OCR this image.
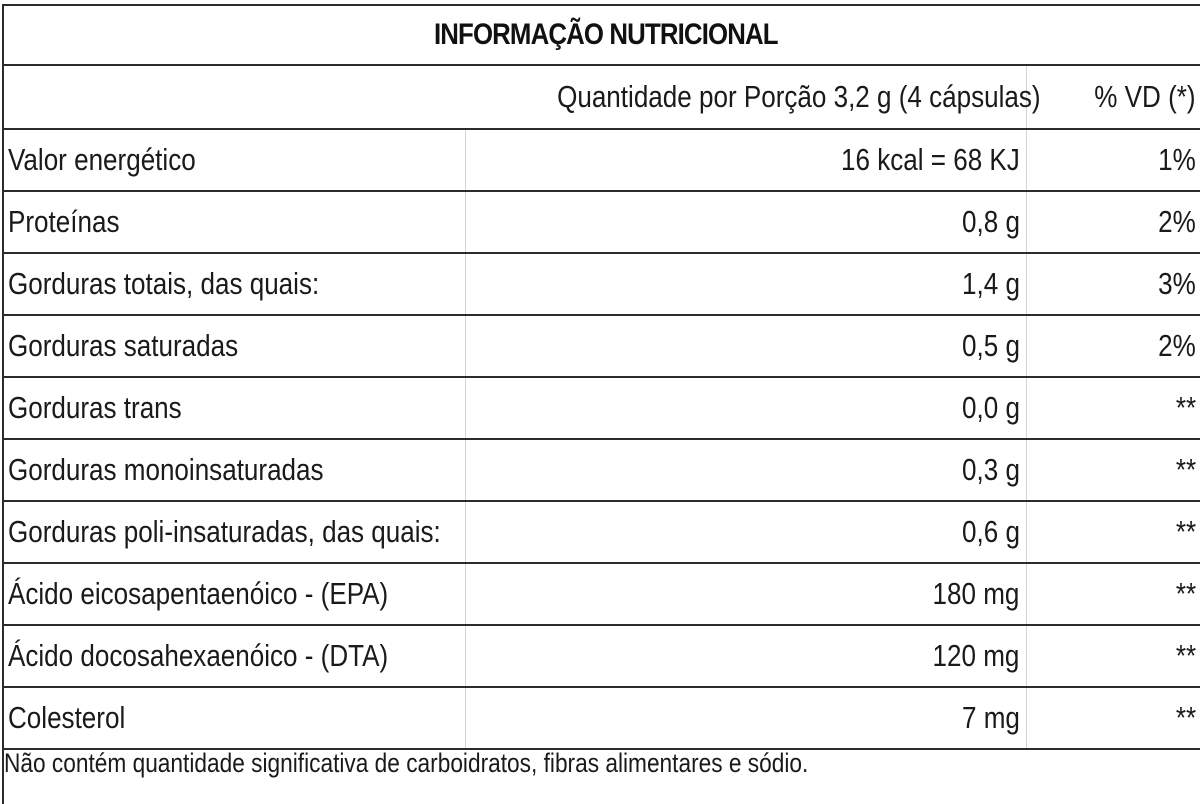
INFORMAÇÃO NUTRICIONAL
	Quantidade por Porção 3,2 g (4 cápsulas)	% VD (*)
Valor energético	16 kcal = 68 KJ	1%
Proteínas	0,8 g	2%
Gorduras totais, das quais:	1,4 g	3%
Gorduras saturadas	0,5 g	2%
Gorduras trans	0,0 g	**
Gorduras monoinsaturadas	0,3 g	**
Gorduras poli-insaturadas, das quais:	0,6 g	**
Ácido eicosapentaenóico - (EPA)	180 mg	**
Ácido docosahexaenóico - (DTA)	120 mg	**
Colesterol	7 mg	**
Não contém quantidade significativa de carboidratos, fibras alimentares e sódio.
